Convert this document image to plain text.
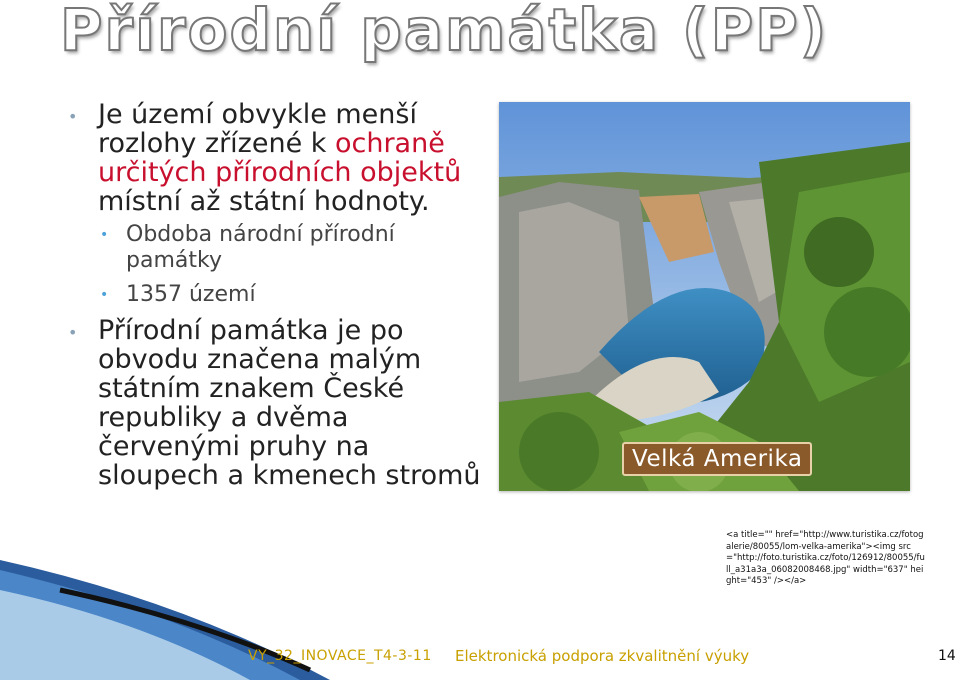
Přírodní památka (PP)
• Je území obvykle menší rozlohy zřízené k ochraně určitých přírodních objektů místní až státní hodnoty.
• Obdoba národní přírodní památky
• 1357 území
• Přírodní památka je po obvodu značena malým státním znakem České republiky a dvěma červenými pruhy na sloupech a kmenech stromů
Velká Amerika
<a title="" href="http://www.turistika.cz/fotogalerie/80055/lom-velka-amerika"><img src="http://foto.turistika.cz/foto/126912/80055/full_a31a3a_06082008468.jpg" width="637" height="453" /></a>
VY_32_INOVACE_T4-3-11 Elektronická podpora zkvalitnění výuky	14
